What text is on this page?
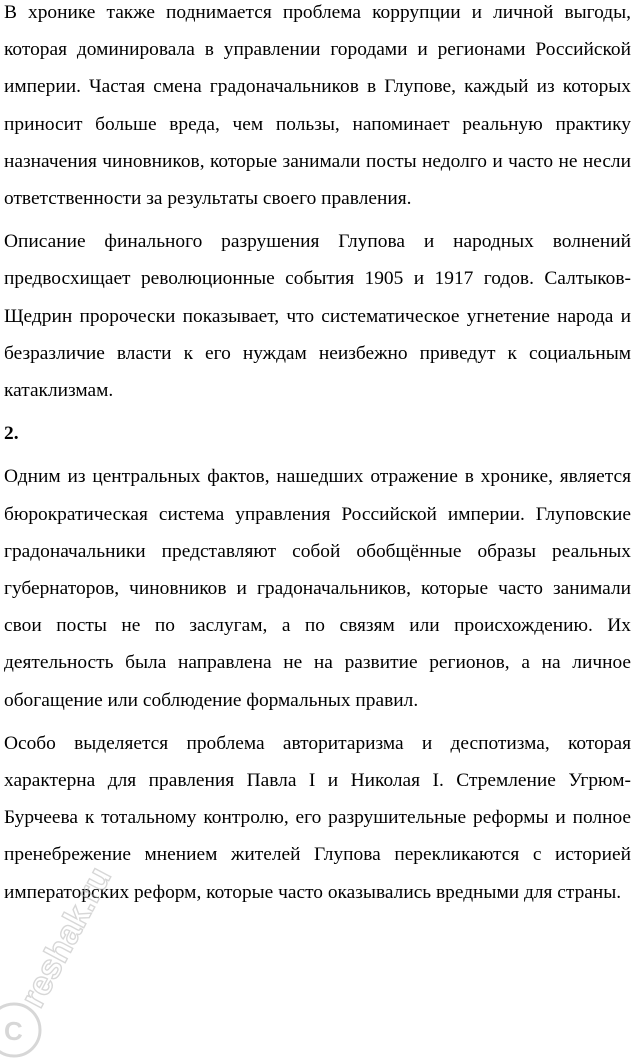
В хронике также поднимается проблема коррупции и личной выгоды, которая доминировала в управлении городами и регионами Российской империи. Частая смена градоначальников в Глупове, каждый из которых приносит больше вреда, чем пользы, напоминает реальную практику назначения чиновников, которые занимали посты недолго и часто не несли ответственности за результаты своего правления.

Описание финального разрушения Глупова и народных волнений предвосхищает революционные события 1905 и 1917 годов. Салтыков-Щедрин пророчески показывает, что систематическое угнетение народа и безразличие власти к его нуждам неизбежно приведут к социальным катаклизмам.

2.

Одним из центральных фактов, нашедших отражение в хронике, является бюрократическая система управления Российской империи. Глуповские градоначальники представляют собой обобщённые образы реальных губернаторов, чиновников и градоначальников, которые часто занимали свои посты не по заслугам, а по связям или происхождению. Их деятельность была направлена не на развитие регионов, а на личное обогащение или соблюдение формальных правил.

Особо выделяется проблема авторитаризма и деспотизма, которая характерна для правления Павла I и Николая I. Стремление Угрюм-Бурчеева к тотальному контролю, его разрушительные реформы и полное пренебрежение мнением жителей Глупова перекликаются с историей императорских реформ, которые часто оказывались вредными для страны.

C
reshak.ru
